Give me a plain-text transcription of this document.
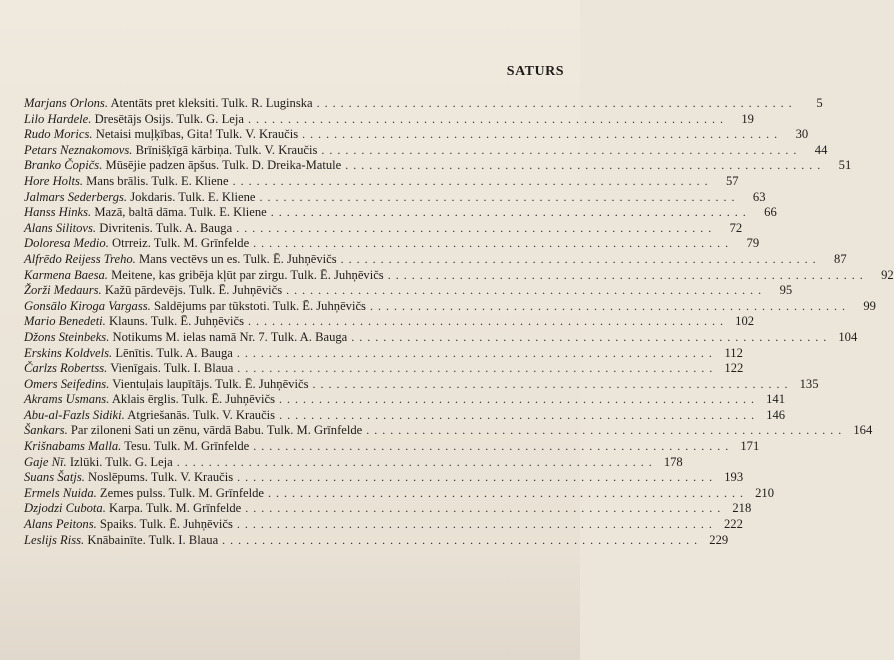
SATURS
Marjans Orlons. Atentāts pret kleksiti. Tulk. R. Luginska ............................................................	5
Lilo Hardele. Dresētājs Osijs. Tulk. G. Leja ............................................................	19
Rudo Morics. Netaisi muļķības, Gita! Tulk. V. Kraučis ............................................................	30
Petars Neznakomovs. Brīnišķīgā kārbiņa. Tulk. V. Kraučis ............................................................	44
Branko Čopičs. Mūsējie padzen āpšus. Tulk. D. Dreika-Matule ............................................................	51
Hore Holts. Mans brālis. Tulk. E. Kliene ............................................................	57
Jalmars Sederbergs. Jokdaris. Tulk. E. Kliene ............................................................	63
Hanss Hinks. Mazā, baltā dāma. Tulk. E. Kliene ............................................................	66
Alans Silitovs. Divritenis. Tulk. A. Bauga ............................................................	72
Doloresa Medio. Otrreiz. Tulk. M. Grīnfelde ............................................................	79
Alfrēdo Reijess Treho. Mans vectēvs un es. Tulk. Ē. Juhņēvičs ............................................................	87
Karmena Baesa. Meitene, kas gribēja kļūt par zirgu. Tulk. Ē. Juhņēvičs ............................................................	92
Žorži Medaurs. Kažū pārdevējs. Tulk. Ē. Juhņēvičs ............................................................	95
Gonsālo Kiroga Vargass. Saldējums par tūkstoti. Tulk. Ē. Juhņēvičs ............................................................	99
Mario Benedeti. Klauns. Tulk. Ē. Juhņēvičs ............................................................ 102
Džons Steinbeks. Notikums M. ielas namā Nr. 7. Tulk. A. Bauga ............................................................ 104
Erskins Koldvels. Lēnītis. Tulk. A. Bauga ............................................................ 112
Čarlzs Robertss. Vienīgais. Tulk. I. Blaua ............................................................ 122
Omers Seifedins. Vientuļais laupītājs. Tulk. Ē. Juhņēvičs ............................................................ 135
Akrams Usmans. Aklais ērglis. Tulk. Ē. Juhņēvičs ............................................................ 141
Abu-al-Fazls Sidiki. Atgriešanās. Tulk. V. Kraučis ............................................................ 146
Šankars. Par ziloneni Sati un zēnu, vārdā Babu. Tulk. M. Grīnfelde ............................................................ 164
Krišnabams Malla. Tesu. Tulk. M. Grīnfelde ............................................................ 171
Gaje Nī. Izlūki. Tulk. G. Leja ............................................................ 178
Suans Šatjs. Noslēpums. Tulk. V. Kraučis ............................................................ 193
Ermels Nuida. Zemes pulss. Tulk. M. Grīnfelde ............................................................ 210
Dzjodzi Cubota. Karpa. Tulk. M. Grīnfelde ............................................................ 218
Alans Peitons. Spaiks. Tulk. Ē. Juhņēvičs ............................................................ 222
Leslijs Riss. Knābainīte. Tulk. I. Blaua ............................................................ 229
